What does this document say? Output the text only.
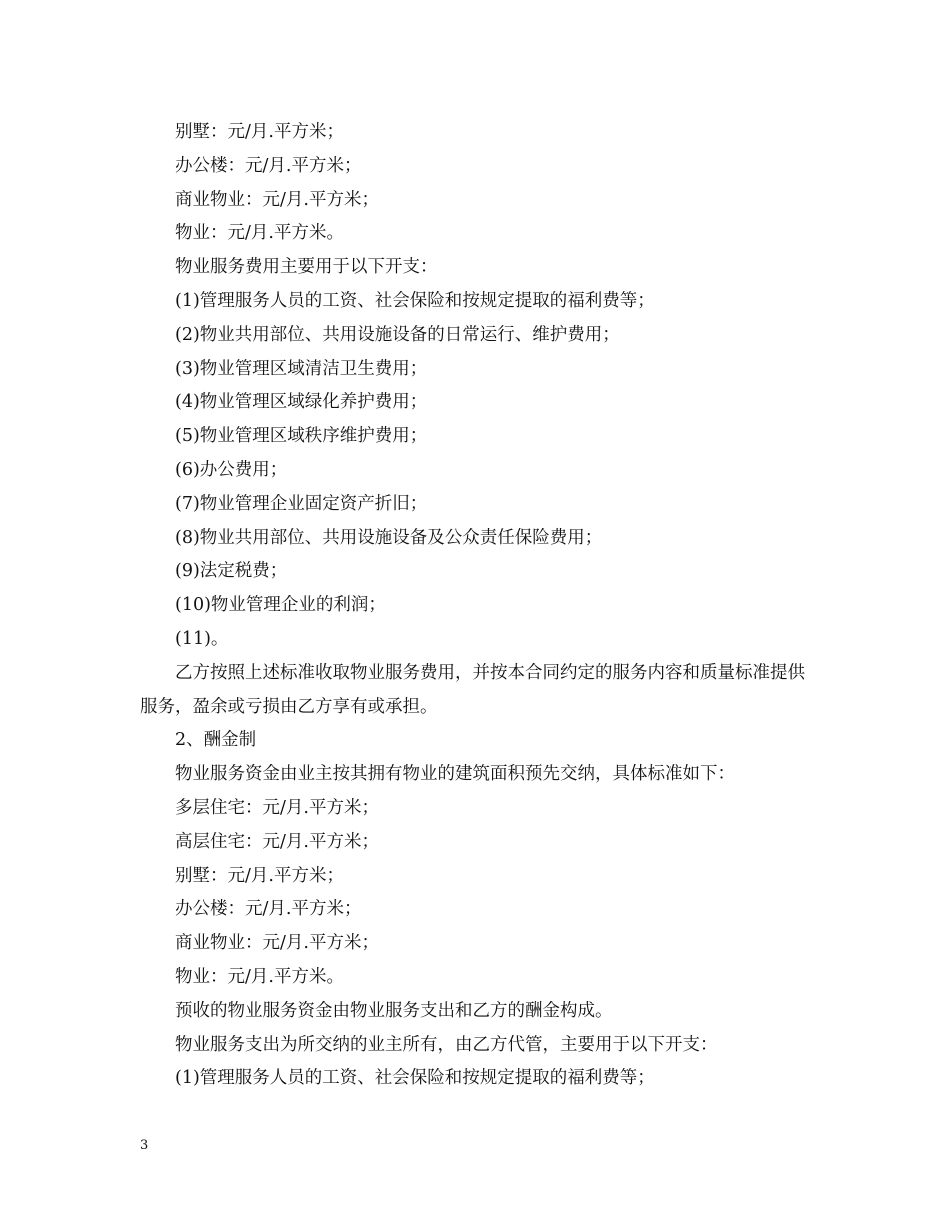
别墅：元/月.平方米；
办公楼：元/月.平方米；
商业物业：元/月.平方米；
物业：元/月.平方米。
物业服务费用主要用于以下开支：
(1)管理服务人员的工资、社会保险和按规定提取的福利费等；
(2)物业共用部位、共用设施设备的日常运行、维护费用；
(3)物业管理区域清洁卫生费用；
(4)物业管理区域绿化养护费用；
(5)物业管理区域秩序维护费用；
(6)办公费用；
(7)物业管理企业固定资产折旧；
(8)物业共用部位、共用设施设备及公众责任保险费用；
(9)法定税费；
(10)物业管理企业的利润；
(11)。
乙方按照上述标准收取物业服务费用，并按本合同约定的服务内容和质量标准提供服务，盈余或亏损由乙方享有或承担。
2、酬金制
物业服务资金由业主按其拥有物业的建筑面积预先交纳，具体标准如下：
多层住宅：元/月.平方米；
高层住宅：元/月.平方米；
别墅：元/月.平方米；
办公楼：元/月.平方米；
商业物业：元/月.平方米；
物业：元/月.平方米。
预收的物业服务资金由物业服务支出和乙方的酬金构成。
物业服务支出为所交纳的业主所有，由乙方代管，主要用于以下开支：
(1)管理服务人员的工资、社会保险和按规定提取的福利费等；
3
